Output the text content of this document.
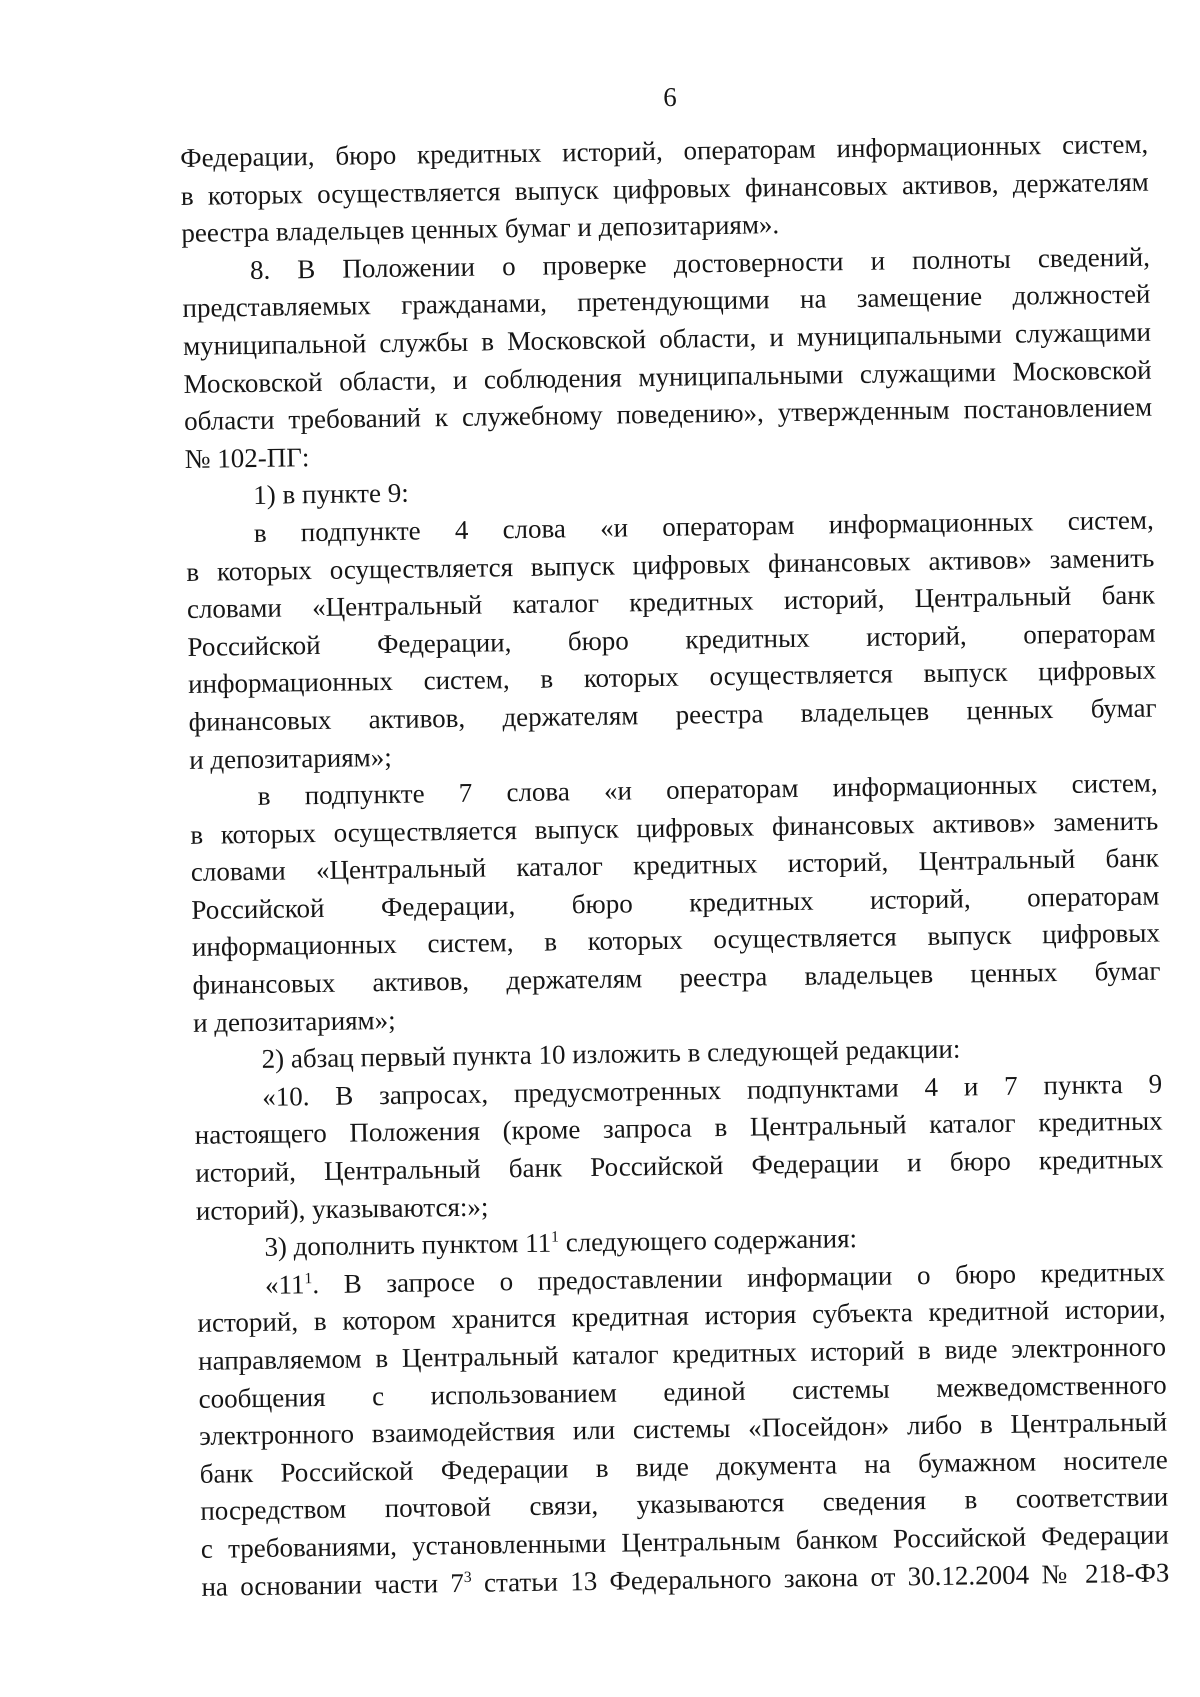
6
Федерации, бюро кредитных историй, операторам информационных систем,
в которых осуществляется выпуск цифровых финансовых активов, держателям
реестра владельцев ценных бумаг и депозитариям».
8. В Положении о проверке достоверности и полноты сведений,
представляемых гражданами, претендующими на замещение должностей
муниципальной службы в Московской области, и муниципальными служащими
Московской области, и соблюдения муниципальными служащими Московской
области требований к служебному поведению», утвержденным постановлением
№ 102-ПГ:
1) в пункте 9:
в подпункте 4 слова «и операторам информационных систем,
в которых осуществляется выпуск цифровых финансовых активов» заменить
словами «Центральный каталог кредитных историй, Центральный банк
Российской Федерации, бюро кредитных историй, операторам
информационных систем, в которых осуществляется выпуск цифровых
финансовых активов, держателям реестра владельцев ценных бумаг
и депозитариям»;
в подпункте 7 слова «и операторам информационных систем,
в которых осуществляется выпуск цифровых финансовых активов» заменить
словами «Центральный каталог кредитных историй, Центральный банк
Российской Федерации, бюро кредитных историй, операторам
информационных систем, в которых осуществляется выпуск цифровых
финансовых активов, держателям реестра владельцев ценных бумаг
и депозитариям»;
2) абзац первый пункта 10 изложить в следующей редакции:
«10. В запросах, предусмотренных подпунктами 4 и 7 пункта 9
настоящего Положения (кроме запроса в Центральный каталог кредитных
историй, Центральный банк Российской Федерации и бюро кредитных
историй), указываются:»;
3) дополнить пунктом $11^1$ следующего содержания:
«$11^1$. В запросе о предоставлении информации о бюро кредитных
историй, в котором хранится кредитная история субъекта кредитной истории,
направляемом в Центральный каталог кредитных историй в виде электронного
сообщения с использованием единой системы межведомственного
электронного взаимодействия или системы «Посейдон» либо в Центральный
банк Российской Федерации в виде документа на бумажном носителе
посредством почтовой связи, указываются сведения в соответствии
с требованиями, установленными Центральным банком Российской Федерации
на основании части $7^3$ статьи 13 Федерального закона от 30.12.2004 № 218-ФЗ
